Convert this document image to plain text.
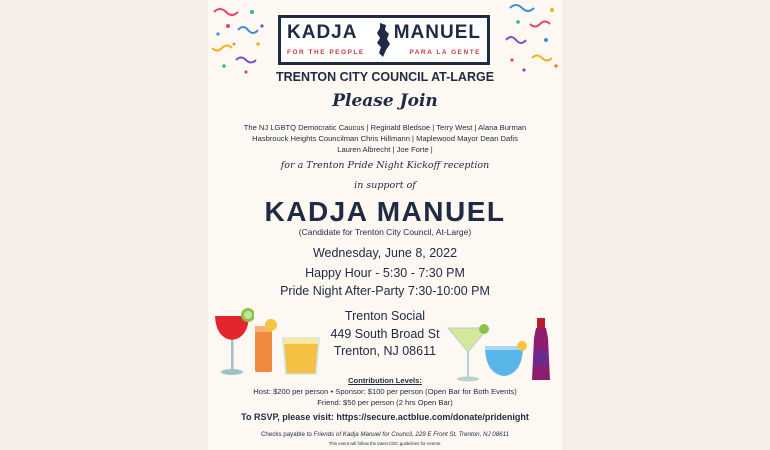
KADJA MANUEL
FOR THE PEOPLE	PARA LA GENTE
TRENTON CITY COUNCIL AT-LARGE
Please Join
The NJ LGBTQ Democratic Caucus | Reginald Bledsoe | Terry West | Alana Burman
Hasbrouck Heights Councilman Chris Hillmann | Maplewood Mayor Dean Dafis
Lauren Albrecht | Joe Forte |
for a Trenton Pride Night Kickoff reception
in support of
KADJA MANUEL
(Candidate for Trenton City Council, At-Large)
Wednesday, June 8, 2022
Happy Hour - 5:30 - 7:30 PM
Pride Night After-Party 7:30-10:00 PM
Trenton Social
449 South Broad St
Trenton, NJ 08611
Contribution Levels:
Host: $200 per person • Sponsor: $100 per person (Open Bar for Both Events)
Friend: $50 per person (2 hrs Open Bar)
To RSVP, please visit: https://secure.actblue.com/donate/pridenight
Checks payable to Friends of Kadja Manuel for Council, 229 E Front St, Trenton, NJ 08611
This event will follow the latest CDC guidelines for events.
